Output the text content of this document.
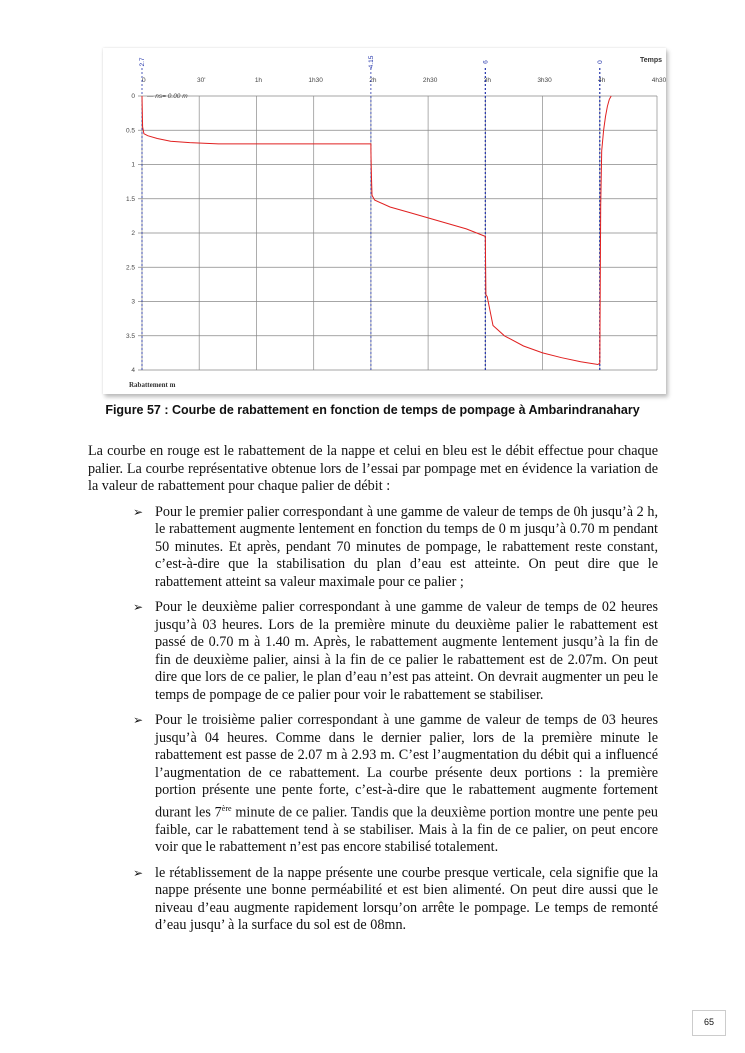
0	30'	1h	1h30	2h	2h30	3h	3h30	4h	4h30
0
0.5
1
1.5
2
2.5
3
3.5
4
Temps
Rabattement m
— ns= 0.00 m
2.7	4.15	6	0
Figure 57 : Courbe de rabattement en fonction de temps de pompage à Ambarindranahary

La courbe en rouge est le rabattement de la nappe et celui en bleu est le débit effectue pour chaque palier. La courbe représentative obtenue lors de l’essai par pompage met en évidence la variation de la valeur de rabattement pour chaque palier de débit :

➢ Pour le premier palier correspondant à une gamme de valeur de temps de 0h jusqu’à 2 h, le rabattement augmente lentement en fonction du temps de 0 m jusqu’à 0.70 m pendant 50 minutes. Et après, pendant 70 minutes de pompage, le rabattement reste constant, c’est-à-dire que la stabilisation du plan d’eau est atteinte. On peut dire que le rabattement atteint sa valeur maximale pour ce palier ;
➢ Pour le deuxième palier correspondant à une gamme de valeur de temps de 02 heures jusqu’à 03 heures. Lors de la première minute du deuxième palier le rabattement est passé de 0.70 m à 1.40 m. Après, le rabattement augmente lentement jusqu’à la fin de fin de deuxième palier, ainsi à la fin de ce palier le rabattement est de 2.07m. On peut dire que lors de ce palier, le plan d’eau n’est pas atteint. On devrait augmenter un peu le temps de pompage de ce palier pour voir le rabattement se stabiliser.
➢ Pour le troisième palier correspondant à une gamme de valeur de temps de 03 heures jusqu’à 04 heures. Comme dans le dernier palier, lors de la première minute le rabattement est passe de 2.07 m à 2.93 m. C’est l’augmentation du débit qui a influencé l’augmentation de ce rabattement. La courbe présente deux portions : la première portion présente une pente forte, c’est-à-dire que le rabattement augmente fortement durant les 7ère minute de ce palier. Tandis que la deuxième portion montre une pente peu faible, car le rabattement tend à se stabiliser. Mais à la fin de ce palier, on peut encore voir que le rabattement n’est pas encore stabilisé totalement.
➢ le rétablissement de la nappe présente une courbe presque verticale, cela signifie que la nappe présente une bonne perméabilité et est bien alimenté. On peut dire aussi que le niveau d’eau augmente rapidement lorsqu’on arrête le pompage. Le temps de remonté d’eau jusqu’ à la surface du sol est de 08mn.
65
